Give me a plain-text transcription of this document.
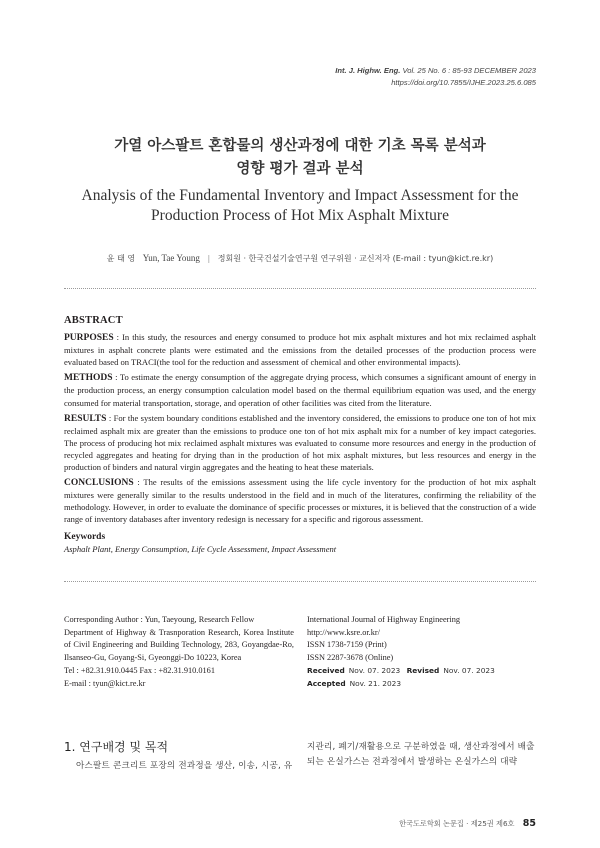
Int. J. Highw. Eng. Vol. 25 No. 6 : 85-93 DECEMBER 2023
https://doi.org/10.7855/IJHE.2023.25.6.085
가열 아스팔트 혼합물의 생산과정에 대한 기초 목록 분석과
영향 평가 결과 분석
Analysis of the Fundamental Inventory and Impact Assessment for the
Production Process of Hot Mix Asphalt Mixture
윤 태 영 Yun, Tae Young | 정회원 · 한국건설기술연구원 연구위원 · 교신저자 (E-mail : tyun@kict.re.kr)
ABSTRACT

PURPOSES : In this study, the resources and energy consumed to produce hot mix asphalt mixtures and hot mix reclaimed asphalt mixtures in asphalt concrete plants were estimated and the emissions from the detailed processes of the production process were evaluated based on TRACI(the tool for the reduction and assessment of chemical and other environmental impacts).

METHODS : To estimate the energy consumption of the aggregate drying process, which consumes a significant amount of energy in the production process, an energy consumption calculation model based on the thermal equilibrium equation was used, and the energy consumed for material transportation, storage, and operation of other facilities was cited from the literature.

RESULTS : For the system boundary conditions established and the inventory considered, the emissions to produce one ton of hot mix reclaimed asphalt mix are greater than the emissions to produce one ton of hot mix asphalt mix for a number of key impact categories. The process of producing hot mix reclaimed asphalt mixtures was evaluated to consume more resources and energy in the production of recycled aggregates and heating for drying than in the production of hot mix asphalt mixtures, but less resources and energy in the production of binders and natural virgin aggregates and the heating to heat these materials.

CONCLUSIONS : The results of the emissions assessment using the life cycle inventory for the production of hot mix asphalt mixtures were generally similar to the results understood in the field and in much of the literatures, confirming the reliability of the methodology. However, in order to evaluate the dominance of specific processes or mixtures, it is believed that the construction of a wide range of inventory databases after inventory redesign is necessary for a specific and rigorous assessment.

Keywords
Asphalt Plant, Energy Consumption, Life Cycle Assessment, Impact Assessment
Corresponding Author : Yun, Taeyoung, Research Fellow
Department of Highway & Trasnporation Research, Korea Institute of Civil Engineering and Building Technology, 283, Goyangdae-Ro, Ilsanseo-Gu, Goyang-Si, Gyeonggi-Do 10223, Korea
Tel : +82.31.910.0445 Fax : +82.31.910.0161
E-mail : tyun@kict.re.kr
International Journal of Highway Engineering
http://www.ksre.or.kr/
ISSN 1738-7159 (Print)
ISSN 2287-3678 (Online)
Received Nov. 07. 2023 Revised Nov. 07. 2023 Accepted Nov. 21. 2023
1. 연구배경 및 목적
아스팔트 콘크리트 포장의 전과정을 생산, 이송, 시공, 유
지관리, 폐기/재활용으로 구분하였을 때, 생산과정에서 배출되는 온실가스는 전과정에서 발생하는 온실가스의 대략
한국도로학회 논문집 · 제25권 제6호 85
